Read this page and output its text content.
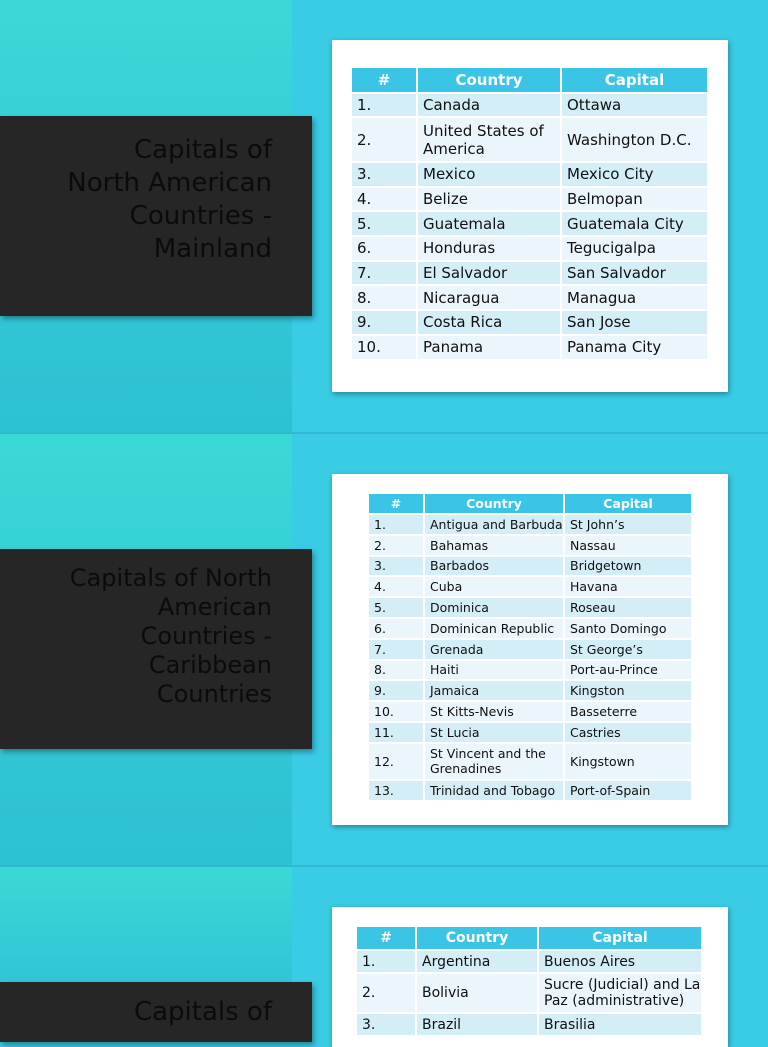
Capitals of
North American
Countries -
Mainland
#	Country	Capital
1.	Canada	Ottawa
2.	United States of America	Washington D.C.
3.	Mexico	Mexico City
4.	Belize	Belmopan
5.	Guatemala	Guatemala City
6.	Honduras	Tegucigalpa
7.	El Salvador	San Salvador
8.	Nicaragua	Managua
9.	Costa Rica	San Jose
10.	Panama	Panama City
Capitals of North
American
Countries -
Caribbean
Countries
#	Country	Capital
1.	Antigua and Barbuda	St John’s
2.	Bahamas	Nassau
3.	Barbados	Bridgetown
4.	Cuba	Havana
5.	Dominica	Roseau
6.	Dominican Republic	Santo Domingo
7.	Grenada	St George’s
8.	Haiti	Port-au-Prince
9.	Jamaica	Kingston
10.	St Kitts-Nevis	Basseterre
11.	St Lucia	Castries
12.	St Vincent and the Grenadines	Kingstown
13.	Trinidad and Tobago	Port-of-Spain
Capitals of
#	Country	Capital
1.	Argentina	Buenos Aires
2.	Bolivia	Sucre (Judicial) and La Paz (administrative)
3.	Brazil	Brasilia
